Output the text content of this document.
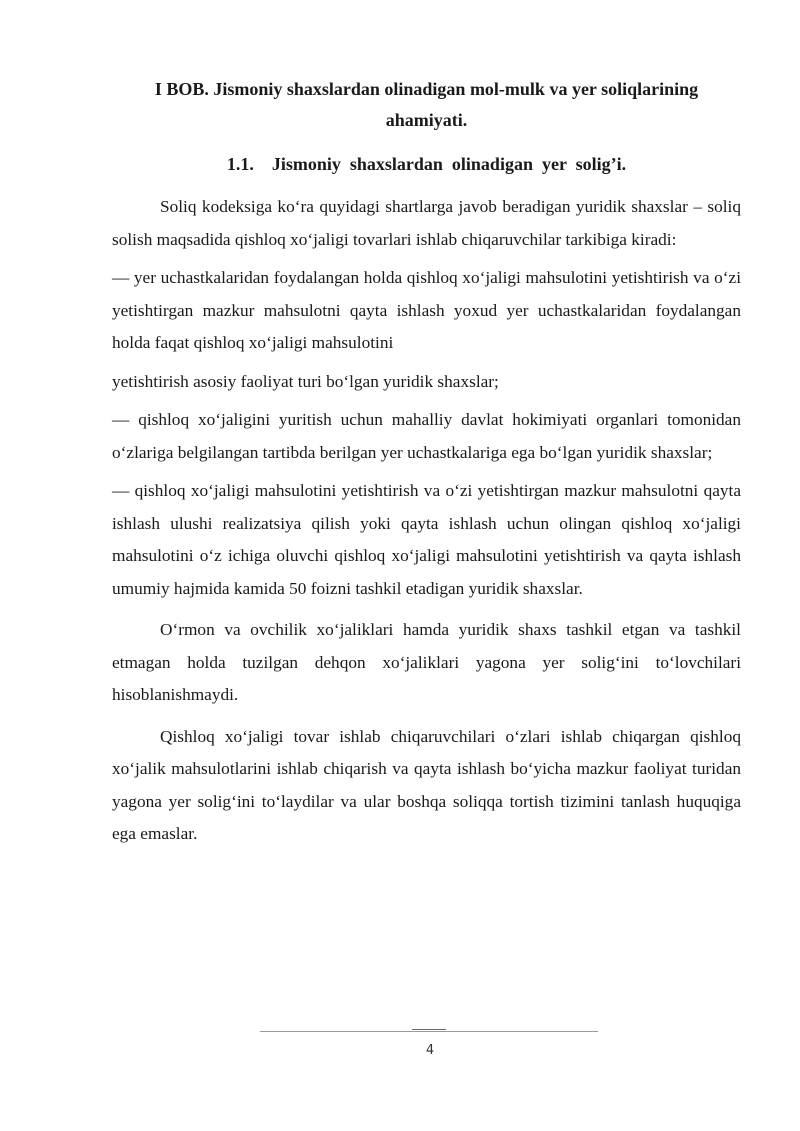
I BOB. Jismoniy shaxslardan olinadigan mol-mulk va yer soliqlarining ahamiyati.
1.1.    Jismoniy  shaxslardan  olinadigan  yer  solig’i.

Soliq kodeksiga ko‘ra quyidagi shartlarga javob beradigan yuridik shaxslar – soliq solish maqsadida qishloq xo‘jaligi tovarlari ishlab chiqaruvchilar tarkibiga kiradi:

— yer uchastkalaridan foydalangan holda qishloq xo‘jaligi mahsulotini yetishtirish va o‘zi yetishtirgan mazkur mahsulotni qayta ishlash yoxud yer uchastkalaridan foydalangan holda faqat qishloq xo‘jaligi mahsulotini

yetishtirish asosiy faoliyat turi bo‘lgan yuridik shaxslar;

— qishloq xo‘jaligini yuritish uchun mahalliy davlat hokimiyati organlari tomonidan o‘zlariga belgilangan tartibda berilgan yer uchastkalariga ega bo‘lgan yuridik shaxslar;

— qishloq xo‘jaligi mahsulotini yetishtirish va o‘zi yetishtirgan mazkur mahsulotni qayta ishlash ulushi realizatsiya qilish yoki qayta ishlash uchun olingan qishloq xo‘jaligi mahsulotini o‘z ichiga oluvchi qishloq xo‘jaligi mahsulotini yetishtirish va qayta ishlash umumiy hajmida kamida 50 foizni tashkil etadigan yuridik shaxslar.

O‘rmon va ovchilik xo‘jaliklari hamda yuridik shaxs tashkil etgan va tashkil etmagan holda tuzilgan dehqon xo‘jaliklari yagona yer solig‘ini to‘lovchilari hisoblanishmaydi.

Qishloq xo‘jaligi tovar ishlab chiqaruvchilari o‘zlari ishlab chiqargan qishloq xo‘jalik mahsulotlarini ishlab chiqarish va qayta ishlash bo‘yicha mazkur faoliyat turidan yagona yer solig‘ini to‘laydilar va ular boshqa soliqqa tortish tizimini tanlash huquqiga ega emaslar.

4
